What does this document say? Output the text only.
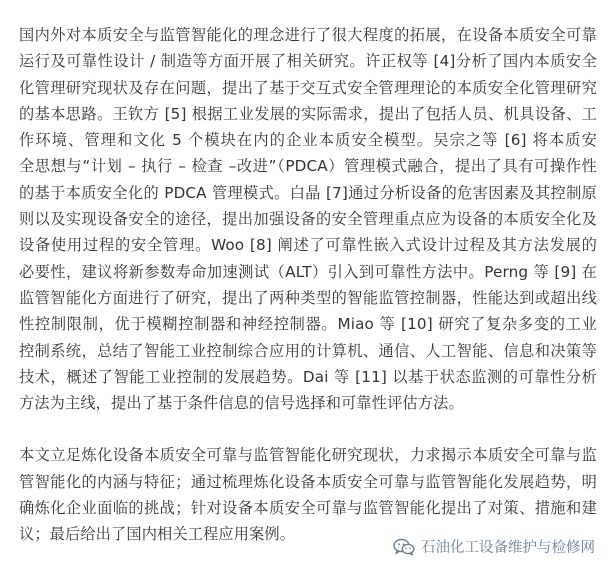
国内外对本质安全与监管智能化的理念进行了很大程度的拓展，在设备本质安全可靠
运行及可靠性设计 / 制造等方面开展了相关研究。许正权等 [4]分析了国内本质安全
化管理研究现状及存在问题，提出了基于交互式安全管理理论的本质安全化管理研究
的基本思路。王钦方 [5] 根据工业发展的实际需求，提出了包括人员、机具设备、工
作环境、管理和文化 5 个模块在内的企业本质安全模型。吴宗之等 [6] 将本质安
全思想与“计划 – 执行 – 检查 –改进”（PDCA）管理模式融合，提出了具有可操作性
的基于本质安全化的 PDCA 管理模式。白晶 [7]通过分析设备的危害因素及其控制原
则以及实现设备安全的途径，提出加强设备的安全管理重点应为设备的本质安全化及
设备使用过程的安全管理。Woo [8] 阐述了可靠性嵌入式设计过程及其方法发展的
必要性，建议将新参数寿命加速测试（ALT）引入到可靠性方法中。Perng 等 [9] 在
监管智能化方面进行了研究，提出了两种类型的智能监管控制器，性能达到或超出线
性控制限制，优于模糊控制器和神经控制器。Miao 等 [10] 研究了复杂多变的工业
控制系统，总结了智能工业控制综合应用的计算机、通信、人工智能、信息和决策等
技术，概述了智能工业控制的发展趋势。Dai 等 [11] 以基于状态监测的可靠性分析
方法为主线，提出了基于条件信息的信号选择和可靠性评估方法。
本文立足炼化设备本质安全可靠与监管智能化研究现状，力求揭示本质安全可靠与监
管智能化的内涵与特征；通过梳理炼化设备本质安全可靠与监管智能化发展趋势，明
确炼化企业面临的挑战；针对设备本质安全可靠与监管智能化提出了对策、措施和建
议；最后给出了国内相关工程应用案例。
石油化工设备维护与检修网
